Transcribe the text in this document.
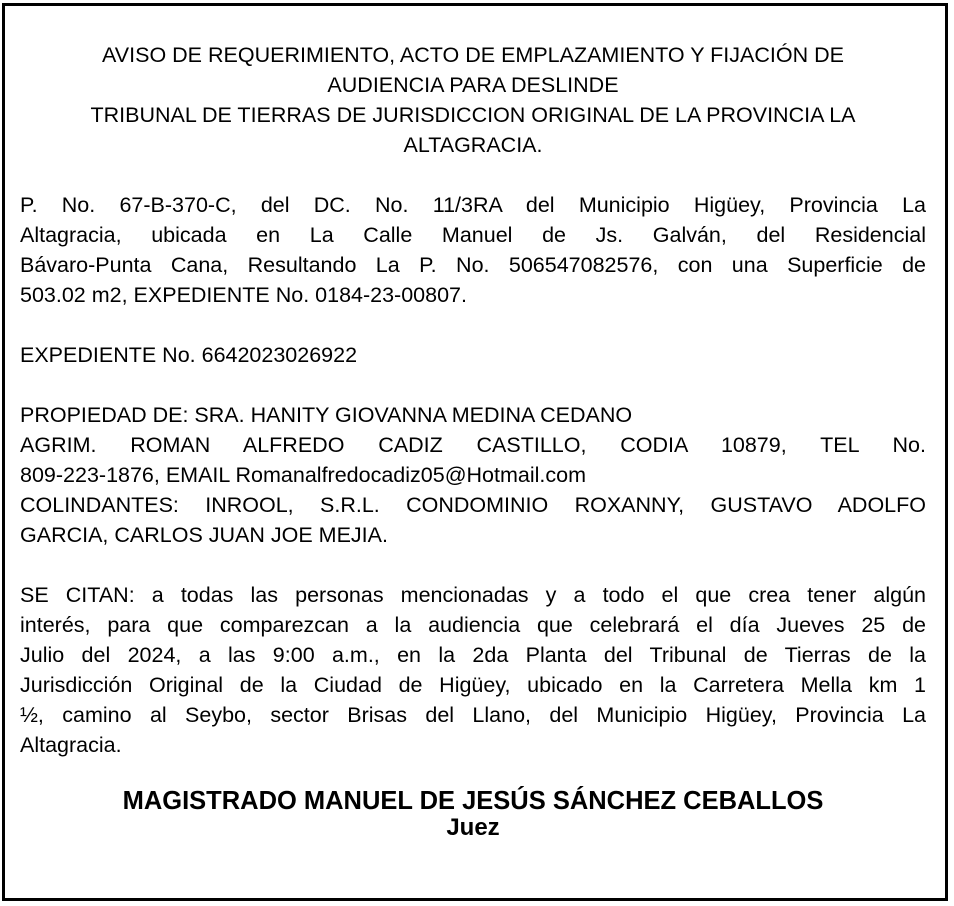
AVISO DE REQUERIMIENTO, ACTO DE EMPLAZAMIENTO Y FIJACIÓN DE
AUDIENCIA PARA DESLINDE
TRIBUNAL DE TIERRAS DE JURISDICCION ORIGINAL DE LA PROVINCIA LA
ALTAGRACIA.

P. No. 67-B-370-C, del DC. No. 11/3RA del Municipio Higüey, Provincia La
Altagracia, ubicada en La Calle Manuel de Js. Galván, del Residencial
Bávaro-Punta Cana, Resultando La P. No. 506547082576, con una Superficie de
503.02 m2, EXPEDIENTE No. 0184-23-00807.

EXPEDIENTE No. 6642023026922

PROPIEDAD DE: SRA. HANITY GIOVANNA MEDINA CEDANO
AGRIM. ROMAN ALFREDO CADIZ CASTILLO, CODIA 10879, TEL No.
809-223-1876, EMAIL Romanalfredocadiz05@Hotmail.com
COLINDANTES: INROOL, S.R.L. CONDOMINIO ROXANNY, GUSTAVO ADOLFO
GARCIA, CARLOS JUAN JOE MEJIA.

SE CITAN: a todas las personas mencionadas y a todo el que crea tener algún
interés, para que comparezcan a la audiencia que celebrará el día Jueves 25 de
Julio del 2024, a las 9:00 a.m., en la 2da Planta del Tribunal de Tierras de la
Jurisdicción Original de la Ciudad de Higüey, ubicado en la Carretera Mella km 1
½, camino al Seybo, sector Brisas del Llano, del Municipio Higüey, Provincia La
Altagracia.

MAGISTRADO MANUEL DE JESÚS SÁNCHEZ CEBALLOS
Juez
